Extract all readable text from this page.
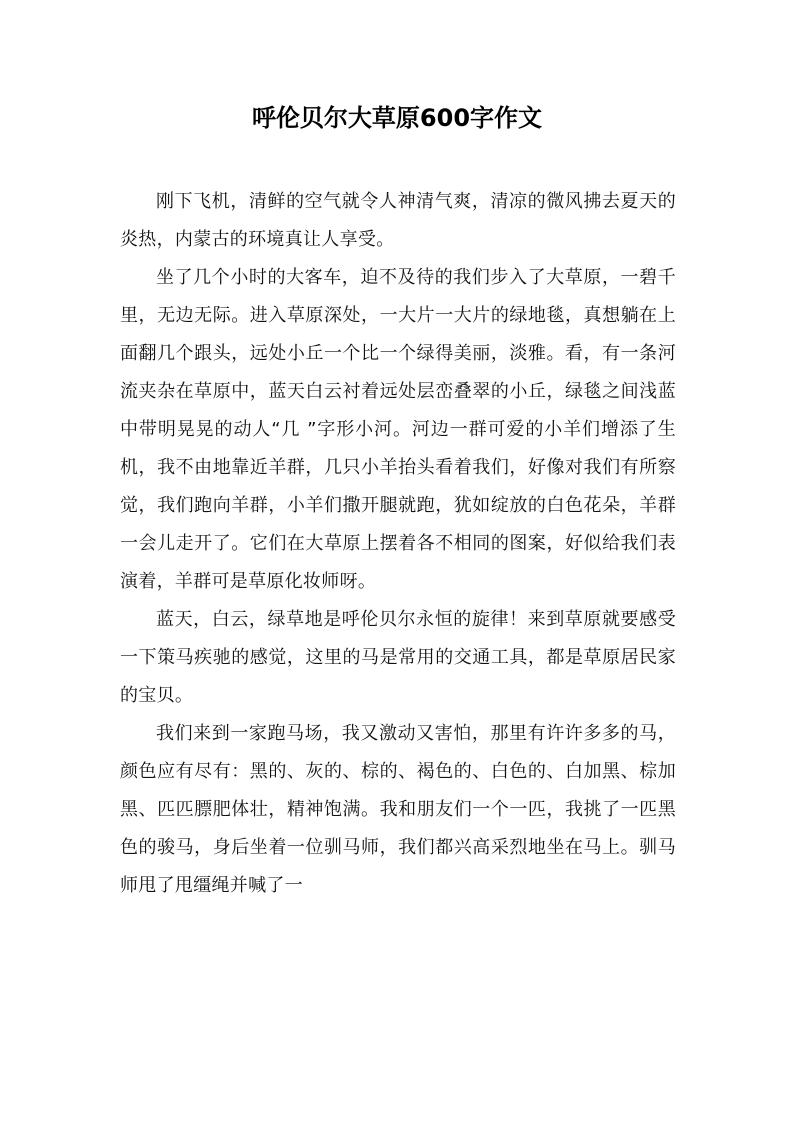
呼伦贝尔大草原600字作文

刚下飞机，清鲜的空气就令人神清气爽，清凉的微风拂去夏天的炎热，内蒙古的环境真让人享受。

坐了几个小时的大客车，迫不及待的我们步入了大草原，一碧千里，无边无际。进入草原深处，一大片一大片的绿地毯，真想躺在上面翻几个跟头，远处小丘一个比一个绿得美丽，淡雅。看，有一条河流夹杂在草原中，蓝天白云衬着远处层峦叠翠的小丘，绿毯之间浅蓝中带明晃晃的动人“几 ”字形小河。河边一群可爱的小羊们增添了生机，我不由地靠近羊群，几只小羊抬头看着我们，好像对我们有所察觉，我们跑向羊群，小羊们撒开腿就跑，犹如绽放的白色花朵，羊群一会儿走开了。它们在大草原上摆着各不相同的图案，好似给我们表演着，羊群可是草原化妆师呀。

蓝天，白云，绿草地是呼伦贝尔永恒的旋律！来到草原就要感受一下策马疾驰的感觉，这里的马是常用的交通工具，都是草原居民家的宝贝。

我们来到一家跑马场，我又激动又害怕，那里有许许多多的马，颜色应有尽有：黑的、灰的、棕的、褐色的、白色的、白加黑、棕加黑、匹匹膘肥体壮，精神饱满。我和朋友们一个一匹，我挑了一匹黑色的骏马，身后坐着一位驯马师，我们都兴高采烈地坐在马上。驯马师甩了甩缰绳并喊了一
